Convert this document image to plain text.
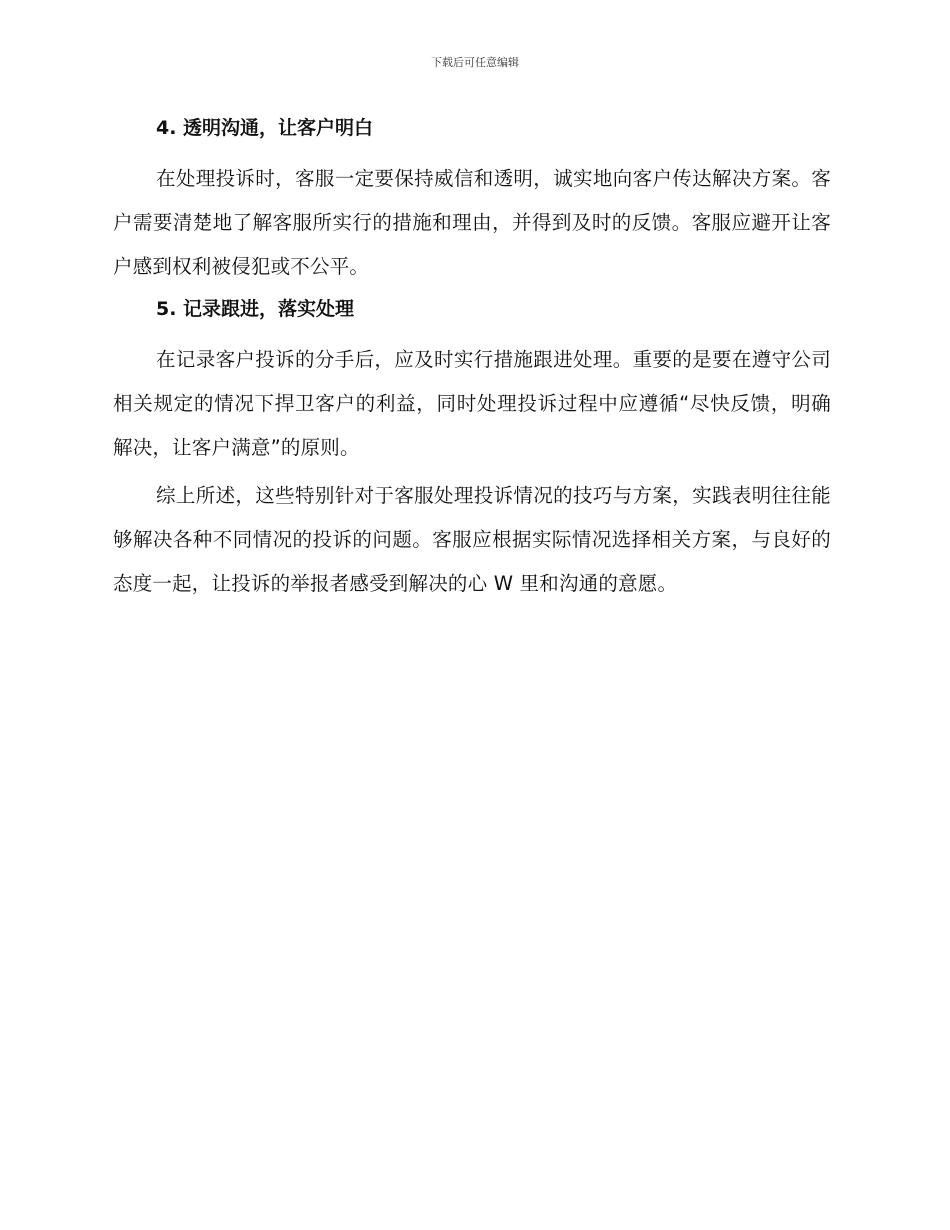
下载后可任意编辑
4. 透明沟通，让客户明白

在处理投诉时，客服一定要保持威信和透明，诚实地向客户传达解决方案。客户需要清楚地了解客服所实行的措施和理由，并得到及时的反馈。客服应避开让客户感到权利被侵犯或不公平。

5. 记录跟进，落实处理

在记录客户投诉的分手后，应及时实行措施跟进处理。重要的是要在遵守公司相关规定的情况下捍卫客户的利益，同时处理投诉过程中应遵循“尽快反馈，明确解决，让客户满意”的原则。

综上所述，这些特别针对于客服处理投诉情况的技巧与方案，实践表明往往能够解决各种不同情况的投诉的问题。客服应根据实际情况选择相关方案，与良好的态度一起，让投诉的举报者感受到解决的心 W 里和沟通的意愿。
